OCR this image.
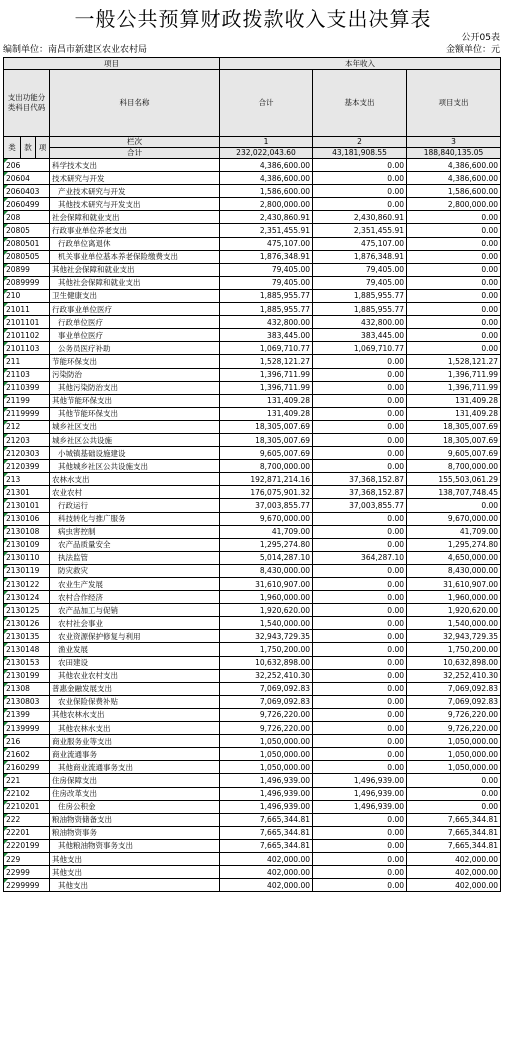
一般公共预算财政拨款收入支出决算表
公开05表
编制单位：南昌市新建区农业农村局	金额单位：元
项目				本年收入		
支出功能分类科目代码			科目名称	合计	基本支出	项目支出
类	款	项				
			栏次	1	2	3
			合计	232,022,043.60	43,181,908.55	188,840,135.05
206			科学技术支出	4,386,600.00	0.00	4,386,600.00
20604			技术研究与开发	4,386,600.00	0.00	4,386,600.00
2060403			产业技术研究与开发	1,586,600.00	0.00	1,586,600.00
2060499			其他技术研究与开发支出	2,800,000.00	0.00	2,800,000.00
208			社会保障和就业支出	2,430,860.91	2,430,860.91	0.00
20805			行政事业单位养老支出	2,351,455.91	2,351,455.91	0.00
2080501			行政单位离退休	475,107.00	475,107.00	0.00
2080505			机关事业单位基本养老保险缴费支出	1,876,348.91	1,876,348.91	0.00
20899			其他社会保障和就业支出	79,405.00	79,405.00	0.00
2089999			其他社会保障和就业支出	79,405.00	79,405.00	0.00
210			卫生健康支出	1,885,955.77	1,885,955.77	0.00
21011			行政事业单位医疗	1,885,955.77	1,885,955.77	0.00
2101101			行政单位医疗	432,800.00	432,800.00	0.00
2101102			事业单位医疗	383,445.00	383,445.00	0.00
2101103			公务员医疗补助	1,069,710.77	1,069,710.77	0.00
211			节能环保支出	1,528,121.27	0.00	1,528,121.27
21103			污染防治	1,396,711.99	0.00	1,396,711.99
2110399			其他污染防治支出	1,396,711.99	0.00	1,396,711.99
21199			其他节能环保支出	131,409.28	0.00	131,409.28
2119999			其他节能环保支出	131,409.28	0.00	131,409.28
212			城乡社区支出	18,305,007.69	0.00	18,305,007.69
21203			城乡社区公共设施	18,305,007.69	0.00	18,305,007.69
2120303			小城镇基础设施建设	9,605,007.69	0.00	9,605,007.69
2120399			其他城乡社区公共设施支出	8,700,000.00	0.00	8,700,000.00
213			农林水支出	192,871,214.16	37,368,152.87	155,503,061.29
21301			农业农村	176,075,901.32	37,368,152.87	138,707,748.45
2130101			行政运行	37,003,855.77	37,003,855.77	0.00
2130106			科技转化与推广服务	9,670,000.00	0.00	9,670,000.00
2130108			病虫害控制	41,709.00	0.00	41,709.00
2130109			农产品质量安全	1,295,274.80	0.00	1,295,274.80
2130110			执法监管	5,014,287.10	364,287.10	4,650,000.00
2130119			防灾救灾	8,430,000.00	0.00	8,430,000.00
2130122			农业生产发展	31,610,907.00	0.00	31,610,907.00
2130124			农村合作经济	1,960,000.00	0.00	1,960,000.00
2130125			农产品加工与促销	1,920,620.00	0.00	1,920,620.00
2130126			农村社会事业	1,540,000.00	0.00	1,540,000.00
2130135			农业资源保护修复与利用	32,943,729.35	0.00	32,943,729.35
2130148			渔业发展	1,750,200.00	0.00	1,750,200.00
2130153			农田建设	10,632,898.00	0.00	10,632,898.00
2130199			其他农业农村支出	32,252,410.30	0.00	32,252,410.30
21308			普惠金融发展支出	7,069,092.83	0.00	7,069,092.83
2130803			农业保险保费补贴	7,069,092.83	0.00	7,069,092.83
21399			其他农林水支出	9,726,220.00	0.00	9,726,220.00
2139999			其他农林水支出	9,726,220.00	0.00	9,726,220.00
216			商业服务业等支出	1,050,000.00	0.00	1,050,000.00
21602			商业流通事务	1,050,000.00	0.00	1,050,000.00
2160299			其他商业流通事务支出	1,050,000.00	0.00	1,050,000.00
221			住房保障支出	1,496,939.00	1,496,939.00	0.00
22102			住房改革支出	1,496,939.00	1,496,939.00	0.00
2210201			住房公积金	1,496,939.00	1,496,939.00	0.00
222			粮油物资储备支出	7,665,344.81	0.00	7,665,344.81
22201			粮油物资事务	7,665,344.81	0.00	7,665,344.81
2220199			其他粮油物资事务支出	7,665,344.81	0.00	7,665,344.81
229			其他支出	402,000.00	0.00	402,000.00
22999			其他支出	402,000.00	0.00	402,000.00
2299999			其他支出	402,000.00	0.00	402,000.00
